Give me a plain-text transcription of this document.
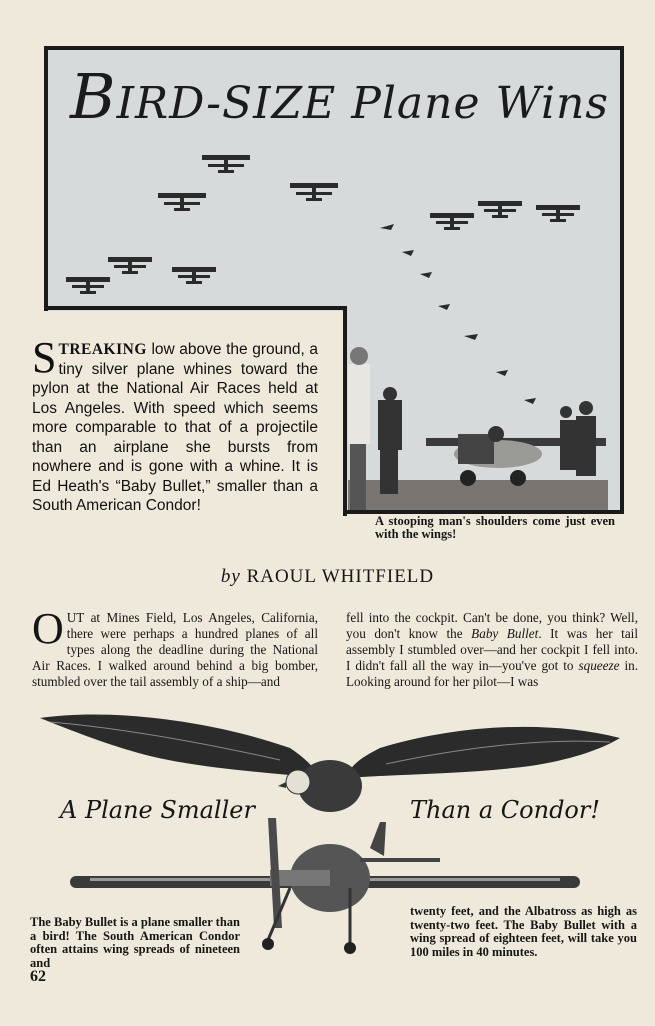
BIRD-SIZE Plane Wins
A stooping man's shoulders come just even with the wings!
STREAKING low above the ground, a tiny silver plane whines toward the pylon at the National Air Races held at Los Angeles. With speed which seems more comparable to that of a projectile than an airplane she bursts from nowhere and is gone with a whine. It is Ed Heath's “Baby Bullet,” smaller than a South American Condor!
by RAOUL WHITFIELD
OUT at Mines Field, Los Angeles, California, there were perhaps a hundred planes of all types along the deadline during the National Air Races. I walked around behind a big bomber, stumbled over the tail assembly of a ship—and
fell into the cockpit. Can't be done, you think? Well, you don't know the Baby Bullet. It was her tail assembly I stumbled over—and her cockpit I fell into. I didn't fall all the way in—you've got to squeeze in. Looking around for her pilot—I was
A Plane Smaller	Than a Condor!
The Baby Bullet is a plane smaller than a bird! The South American Condor often attains wing spreads of nineteen and
twenty feet, and the Albatross as high as twenty-two feet. The Baby Bullet with a wing spread of eighteen feet, will take you 100 miles in 40 minutes.
62
